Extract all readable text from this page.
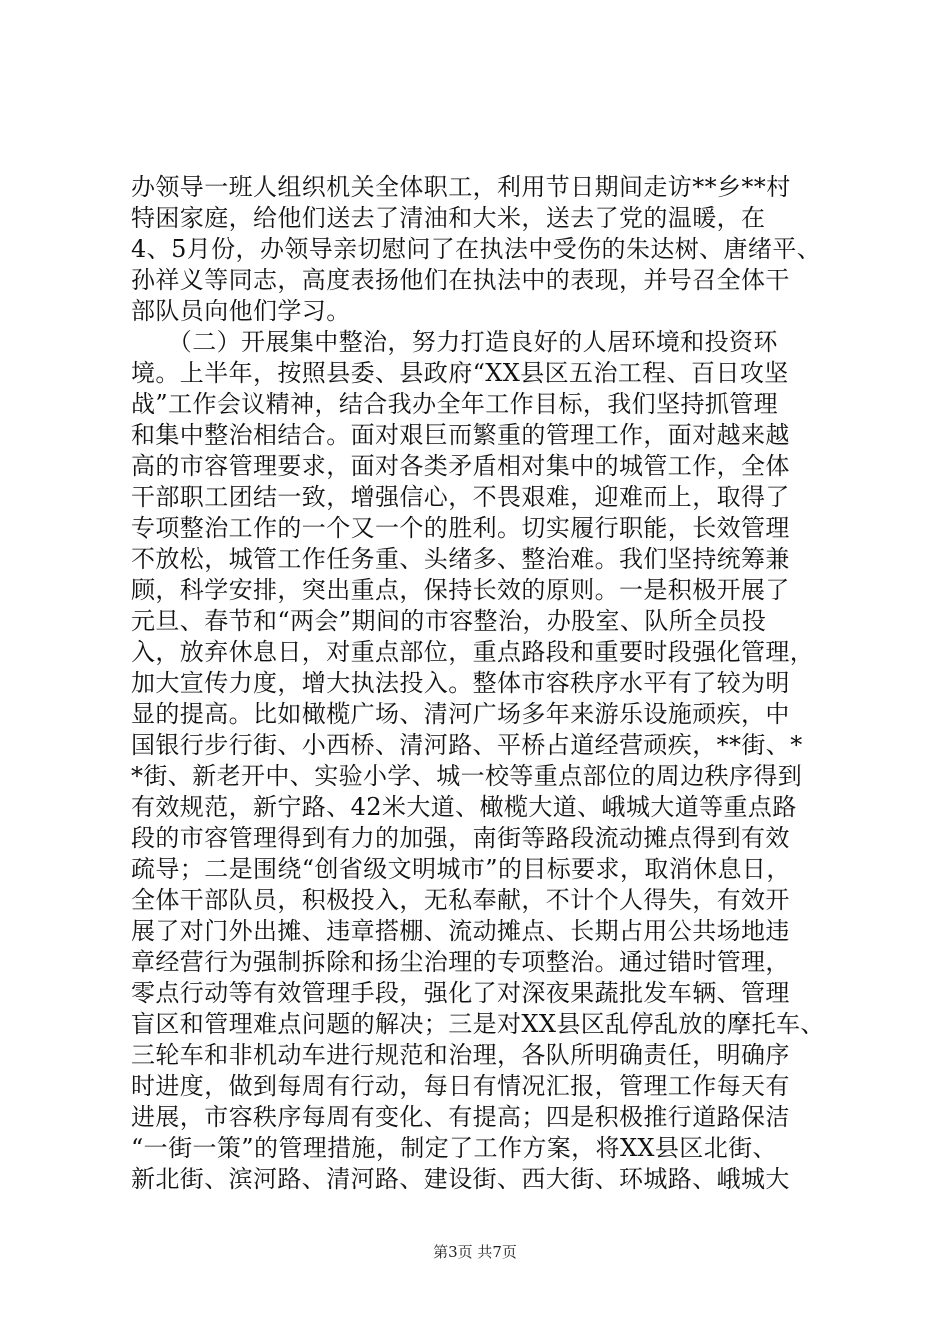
办领导一班人组织机关全体职工，利用节日期间走访**乡**村
特困家庭，给他们送去了清油和大米，送去了党的温暖，在
4、5月份，办领导亲切慰问了在执法中受伤的朱达树、唐绪平、
孙祥义等同志，高度表扬他们在执法中的表现，并号召全体干
部队员向他们学习。
　　（二）开展集中整治，努力打造良好的人居环境和投资环
境。上半年，按照县委、县政府“XX县区五治工程、百日攻坚
战”工作会议精神，结合我办全年工作目标，我们坚持抓管理
和集中整治相结合。面对艰巨而繁重的管理工作，面对越来越
高的市容管理要求，面对各类矛盾相对集中的城管工作，全体
干部职工团结一致，增强信心，不畏艰难，迎难而上，取得了
专项整治工作的一个又一个的胜利。切实履行职能，长效管理
不放松，城管工作任务重、头绪多、整治难。我们坚持统筹兼
顾，科学安排，突出重点，保持长效的原则。一是积极开展了
元旦、春节和“两会”期间的市容整治，办股室、队所全员投
入，放弃休息日，对重点部位，重点路段和重要时段强化管理，
加大宣传力度，增大执法投入。整体市容秩序水平有了较为明
显的提高。比如橄榄广场、清河广场多年来游乐设施顽疾，中
国银行步行街、小西桥、清河路、平桥占道经营顽疾，**街、*
*街、新老开中、实验小学、城一校等重点部位的周边秩序得到
有效规范，新宁路、42米大道、橄榄大道、峨城大道等重点路
段的市容管理得到有力的加强，南街等路段流动摊点得到有效
疏导；二是围绕“创省级文明城市”的目标要求，取消休息日，
全体干部队员，积极投入，无私奉献，不计个人得失，有效开
展了对门外出摊、违章搭棚、流动摊点、长期占用公共场地违
章经营行为强制拆除和扬尘治理的专项整治。通过错时管理，
零点行动等有效管理手段，强化了对深夜果蔬批发车辆、管理
盲区和管理难点问题的解决；三是对XX县区乱停乱放的摩托车、
三轮车和非机动车进行规范和治理，各队所明确责任，明确序
时进度，做到每周有行动，每日有情况汇报，管理工作每天有
进展，市容秩序每周有变化、有提高；四是积极推行道路保洁
“一街一策”的管理措施，制定了工作方案，将XX县区北街、
新北街、滨河路、清河路、建设街、西大街、环城路、峨城大
第3页 共7页
